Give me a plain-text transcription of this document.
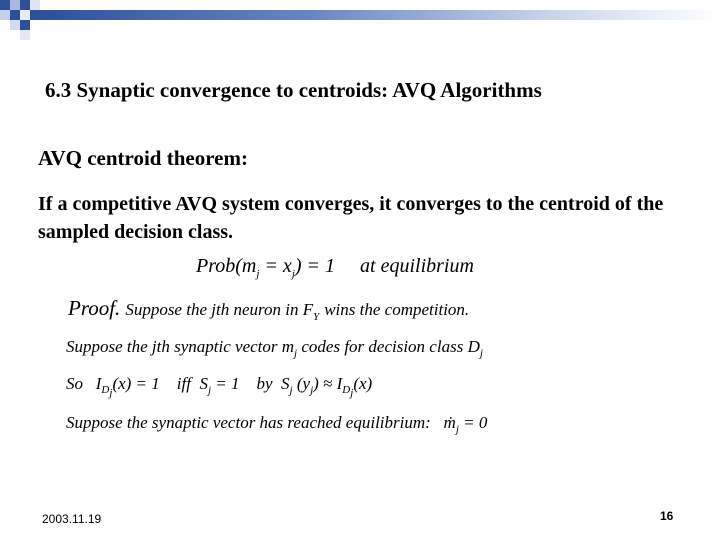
6.3 Synaptic convergence to centroids: AVQ Algorithms
AVQ centroid theorem:
If a competitive AVQ system converges, it converges to the centroid of the sampled decision class.
$Prob(m_j = x_j) = 1$ at equilibrium
Proof. Suppose the jth neuron in $F_Y$ wins the competition.
Suppose the jth synaptic vector $m_j$ codes for decision class $D_j$
So $I_{D_j}(x) = 1$ iff $S_j = 1$ by $S_j$ $(y_j) \approx I_{D_j}(x)$
Suppose the synaptic vector has reached equilibrium: ṁ$_j$ = 0
2003.11.19	16
